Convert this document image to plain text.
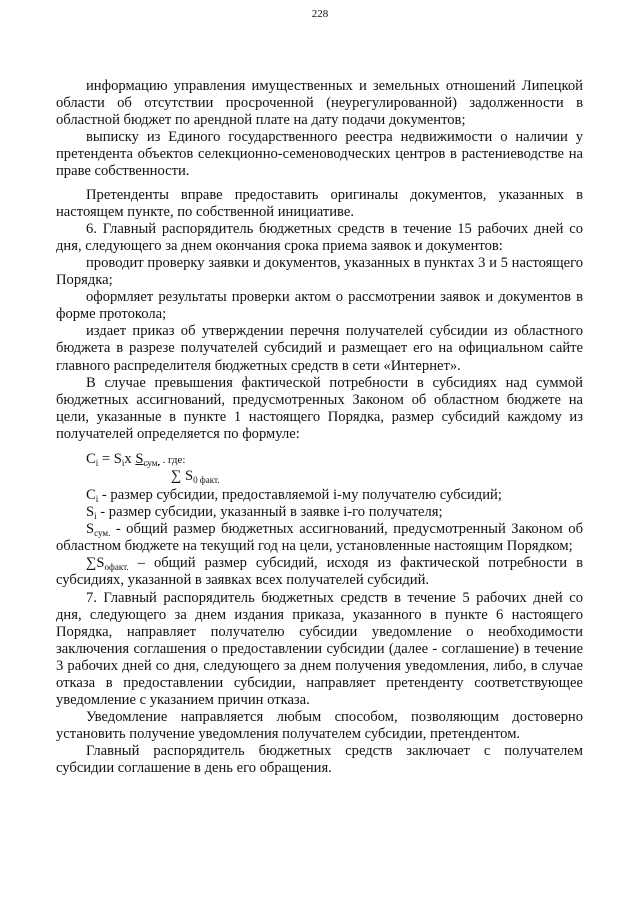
228

информацию управления имущественных и земельных отношений Липецкой области об отсутствии просроченной (неурегулированной) задолженности в областной бюджет по арендной плате на дату подачи документов;

выписку из Единого государственного реестра недвижимости о наличии у претендента объектов селекционно-семеноводческих центров в растениеводстве на праве собственности.

Претенденты вправе предоставить оригиналы документов, указанных в настоящем пункте, по собственной инициативе.

6. Главный распорядитель бюджетных средств в течение 15 рабочих дней со дня, следующего за днем окончания срока приема заявок и документов:

проводит проверку заявки и документов, указанных в пунктах 3 и 5 настоящего Порядка;

оформляет результаты проверки актом о рассмотрении заявок и документов в форме протокола;

издает приказ об утверждении перечня получателей субсидии из областного бюджета в разрезе получателей субсидий и размещает его на официальном сайте главного распределителя бюджетных средств в сети «Интернет».

В случае превышения фактической потребности в субсидиях над суммой бюджетных ассигнований, предусмотренных Законом об областном бюджете на цели, указанные в пункте 1 настоящего Порядка, размер субсидий каждому из получателей определяется по формуле:

$C_i = S_ix$ $S_{сум.}$ . где:
∑ $S_{0 факт.}$

$C_i$ - размер субсидии, предоставляемой i-му получателю субсидий;

$S_i$ - размер субсидии, указанный в заявке i-го получателя;

$S_{сум.}$ - общий размер бюджетных ассигнований, предусмотренный Законом об областном бюджете на текущий год на цели, установленные настоящим Порядком;

$\sum S_{офакт.}$ – общий размер субсидий, исходя из фактической потребности в субсидиях, указанной в заявках всех получателей субсидий.

7. Главный распорядитель бюджетных средств в течение 5 рабочих дней со дня, следующего за днем издания приказа, указанного в пункте 6 настоящего Порядка, направляет получателю субсидии уведомление о необходимости заключения соглашения о предоставлении субсидии (далее - соглашение) в течение 3 рабочих дней со дня, следующего за днем получения уведомления, либо, в случае отказа в предоставлении субсидии, направляет претенденту соответствующее уведомление с указанием причин отказа.

Уведомление направляется любым способом, позволяющим достоверно установить получение уведомления получателем субсидии, претендентом.

Главный распорядитель бюджетных средств заключает с получателем субсидии соглашение в день его обращения.
